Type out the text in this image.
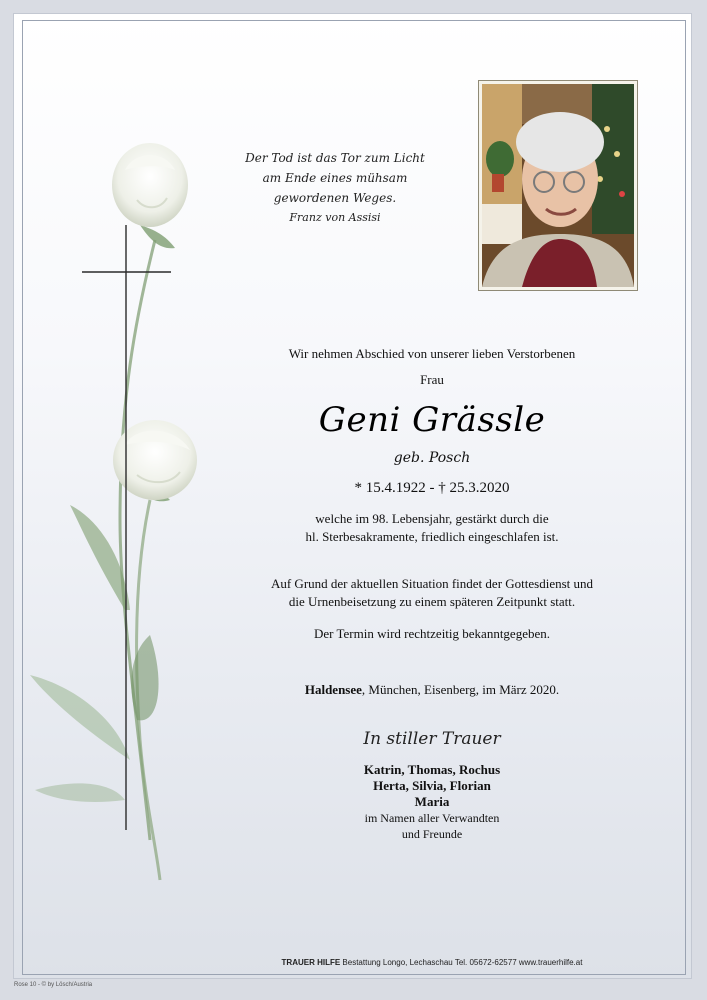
Der Tod ist das Tor zum Licht
am Ende eines mühsam gewordenen Weges.
Franz von Assisi
Wir nehmen Abschied von unserer lieben Verstorbenen
Frau
Geni Grässle
geb. Posch
* 15.4.1922 - † 25.3.2020
welche im 98. Lebensjahr, gestärkt durch die
hl. Sterbesakramente, friedlich eingeschlafen ist.
Auf Grund der aktuellen Situation findet der Gottesdienst und
die Urnenbeisetzung zu einem späteren Zeitpunkt statt.
Der Termin wird rechtzeitig bekanntgegeben.
Haldensee, München, Eisenberg, im März 2020.
In stiller Trauer
Katrin, Thomas, Rochus
Herta, Silvia, Florian
Maria
im Namen aller Verwandten
und Freunde
TRAUER HILFE Bestattung Longo, Lechaschau Tel. 05672-62577 www.trauerhilfe.at
Rose 10 - © by Lösch/Austria
